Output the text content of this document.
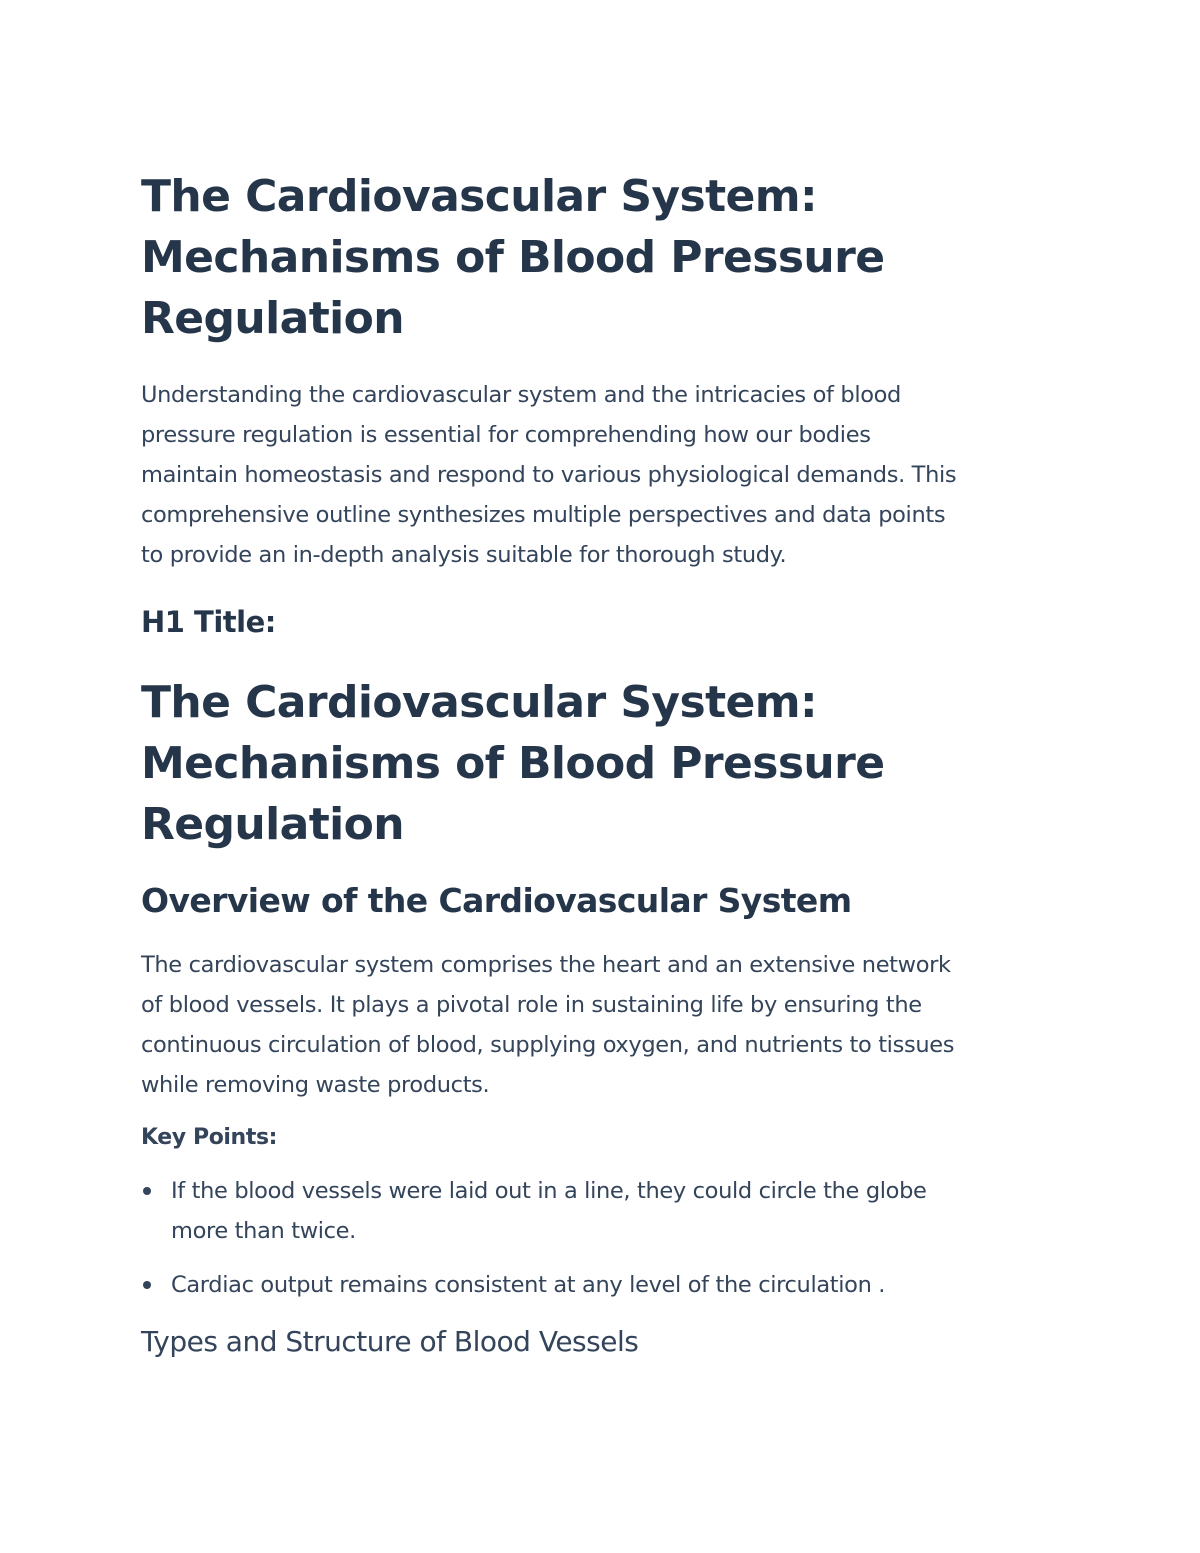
The Cardiovascular System:
Mechanisms of Blood Pressure
Regulation

Understanding the cardiovascular system and the intricacies of blood
pressure regulation is essential for comprehending how our bodies
maintain homeostasis and respond to various physiological demands. This
comprehensive outline synthesizes multiple perspectives and data points
to provide an in-depth analysis suitable for thorough study.

H1 Title:
The Cardiovascular System:
Mechanisms of Blood Pressure
Regulation
Overview of the Cardiovascular System

The cardiovascular system comprises the heart and an extensive network
of blood vessels. It plays a pivotal role in sustaining life by ensuring the
continuous circulation of blood, supplying oxygen, and nutrients to tissues
while removing waste products.

Key Points:

If the blood vessels were laid out in a line, they could circle the globe
more than twice.
Cardiac output remains consistent at any level of the circulation .
Types and Structure of Blood Vessels
